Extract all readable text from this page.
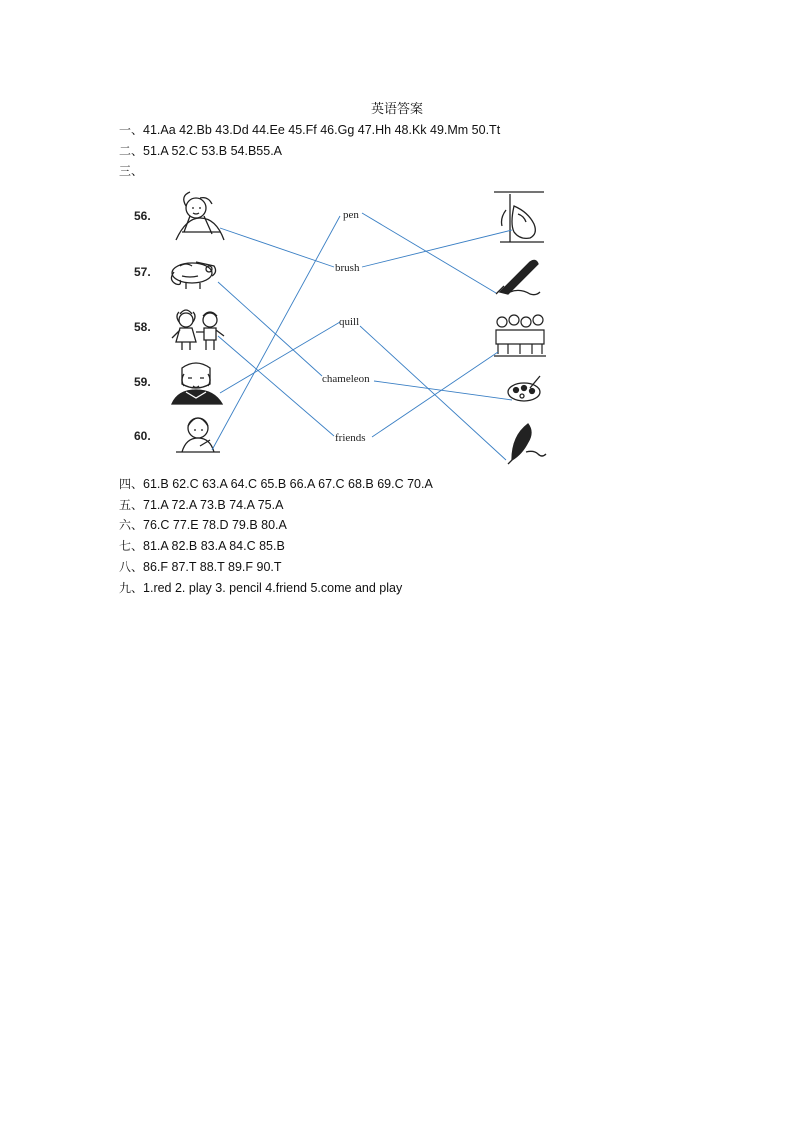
英语答案
一、41.Aa 42.Bb 43.Dd 44.Ee 45.Ff 46.Gg 47.Hh 48.Kk 49.Mm 50.Tt
二、51.A 52.C 53.B 54.B55.A
三、
56.
57.
58.
59.
60.
pen
brush
quill
chameleon
friends
四、61.B 62.C 63.A 64.C 65.B 66.A 67.C 68.B 69.C 70.A
五、71.A 72.A 73.B 74.A 75.A
六、76.C 77.E 78.D 79.B 80.A
七、81.A 82.B 83.A 84.C 85.B
八、86.F 87.T 88.T 89.F 90.T
九、1.red 2. play 3. pencil 4.friend 5.come and play
